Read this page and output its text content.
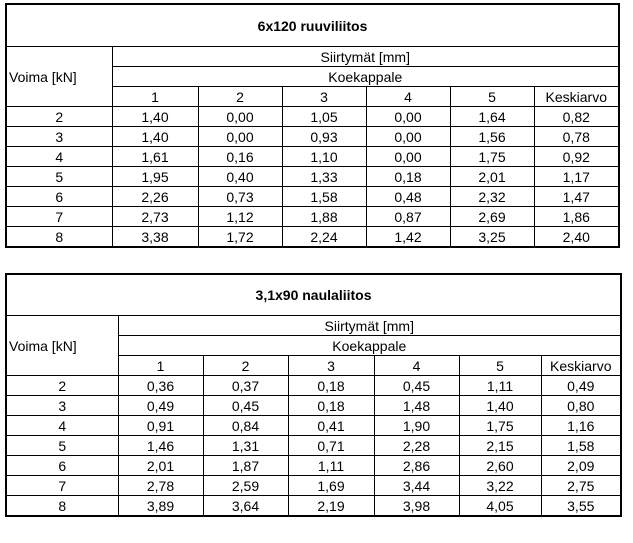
6x120 ruuviliitos						
Voima [kN]	Siirtymät [mm]					
	Koekappale					
	1	2	3	4	5	Keskiarvo
2	1,40	0,00	1,05	0,00	1,64	0,82
3	1,40	0,00	0,93	0,00	1,56	0,78
4	1,61	0,16	1,10	0,00	1,75	0,92
5	1,95	0,40	1,33	0,18	2,01	1,17
6	2,26	0,73	1,58	0,48	2,32	1,47
7	2,73	1,12	1,88	0,87	2,69	1,86
8	3,38	1,72	2,24	1,42	3,25	2,40
3,1x90 naulaliitos						
Voima [kN]	Siirtymät [mm]					
	Koekappale					
	1	2	3	4	5	Keskiarvo
2	0,36	0,37	0,18	0,45	1,11	0,49
3	0,49	0,45	0,18	1,48	1,40	0,80
4	0,91	0,84	0,41	1,90	1,75	1,16
5	1,46	1,31	0,71	2,28	2,15	1,58
6	2,01	1,87	1,11	2,86	2,60	2,09
7	2,78	2,59	1,69	3,44	3,22	2,75
8	3,89	3,64	2,19	3,98	4,05	3,55
